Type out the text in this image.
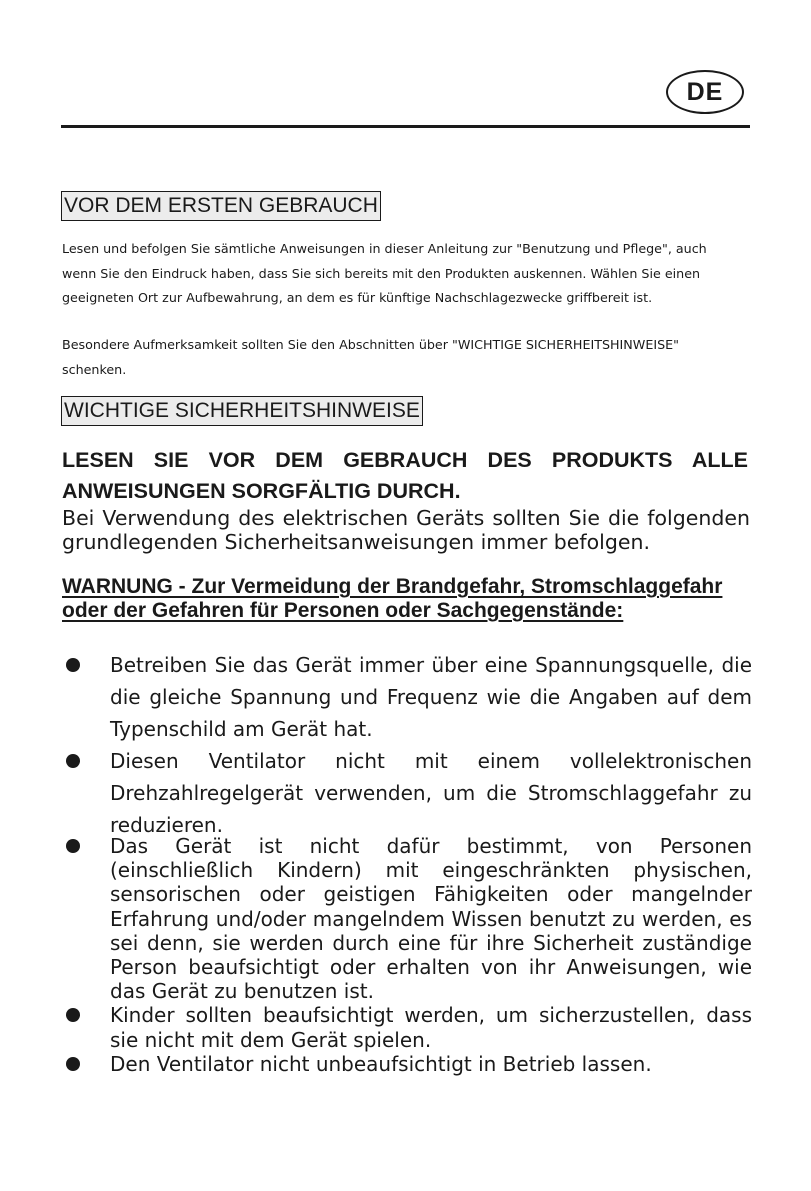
DE
VOR DEM ERSTEN GEBRAUCH

Lesen und befolgen Sie sämtliche Anweisungen in dieser Anleitung zur "Benutzung und Pflege", auch wenn Sie den Eindruck haben, dass Sie sich bereits mit den Produkten auskennen. Wählen Sie einen geeigneten Ort zur Aufbewahrung, an dem es für künftige Nachschlagezwecke griffbereit ist.

Besondere Aufmerksamkeit sollten Sie den Abschnitten über "WICHTIGE SICHERHEITSHINWEISE" schenken.

WICHTIGE SICHERHEITSHINWEISE

LESEN SIE VOR DEM GEBRAUCH DES PRODUKTS ALLE ANWEISUNGEN SORGFÄLTIG DURCH.

Bei Verwendung des elektrischen Geräts sollten Sie die folgenden grundlegenden Sicherheitsanweisungen immer befolgen.

WARNUNG - Zur Vermeidung der Brandgefahr, Stromschlaggefahr oder der Gefahren für Personen oder Sachgegenstände:

Betreiben Sie das Gerät immer über eine Spannungsquelle, die die gleiche Spannung und Frequenz wie die Angaben auf dem Typenschild am Gerät hat.
Diesen Ventilator nicht mit einem vollelektronischen Drehzahlregelgerät verwenden, um die Stromschlaggefahr zu reduzieren.
Das Gerät ist nicht dafür bestimmt, von Personen (einschließlich Kindern) mit eingeschränkten physischen, sensorischen oder geistigen Fähigkeiten oder mangelnder Erfahrung und/oder mangelndem Wissen benutzt zu werden, es sei denn, sie werden durch eine für ihre Sicherheit zuständige Person beaufsichtigt oder erhalten von ihr Anweisungen, wie das Gerät zu benutzen ist.
Kinder sollten beaufsichtigt werden, um sicherzustellen, dass sie nicht mit dem Gerät spielen.
Den Ventilator nicht unbeaufsichtigt in Betrieb lassen.
